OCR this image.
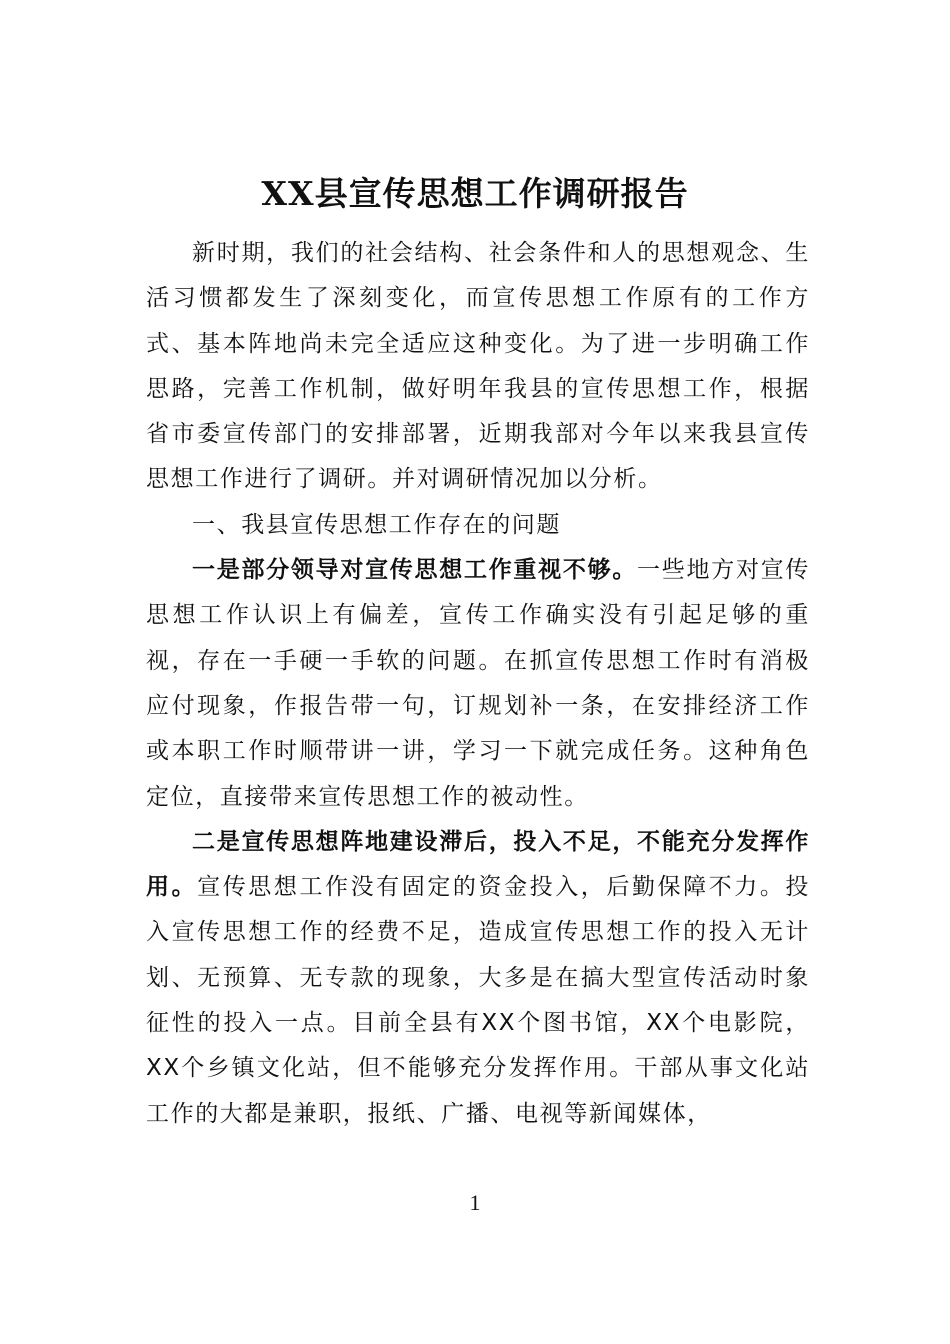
XX县宣传思想工作调研报告

新时期，我们的社会结构、社会条件和人的思想观念、生活习惯都发生了深刻变化，而宣传思想工作原有的工作方式、基本阵地尚未完全适应这种变化。为了进一步明确工作思路，完善工作机制，做好明年我县的宣传思想工作，根据省市委宣传部门的安排部署，近期我部对今年以来我县宣传思想工作进行了调研。并对调研情况加以分析。

一、我县宣传思想工作存在的问题

一是部分领导对宣传思想工作重视不够。一些地方对宣传思想工作认识上有偏差，宣传工作确实没有引起足够的重视，存在一手硬一手软的问题。在抓宣传思想工作时有消极应付现象，作报告带一句，订规划补一条，在安排经济工作或本职工作时顺带讲一讲，学习一下就完成任务。这种角色定位，直接带来宣传思想工作的被动性。

二是宣传思想阵地建设滞后，投入不足，不能充分发挥作用。宣传思想工作没有固定的资金投入，后勤保障不力。投入宣传思想工作的经费不足，造成宣传思想工作的投入无计划、无预算、无专款的现象，大多是在搞大型宣传活动时象征性的投入一点。目前全县有XX个图书馆，XX个电影院，XX个乡镇文化站，但不能够充分发挥作用。干部从事文化站工作的大都是兼职，报纸、广播、电视等新闻媒体，

1
